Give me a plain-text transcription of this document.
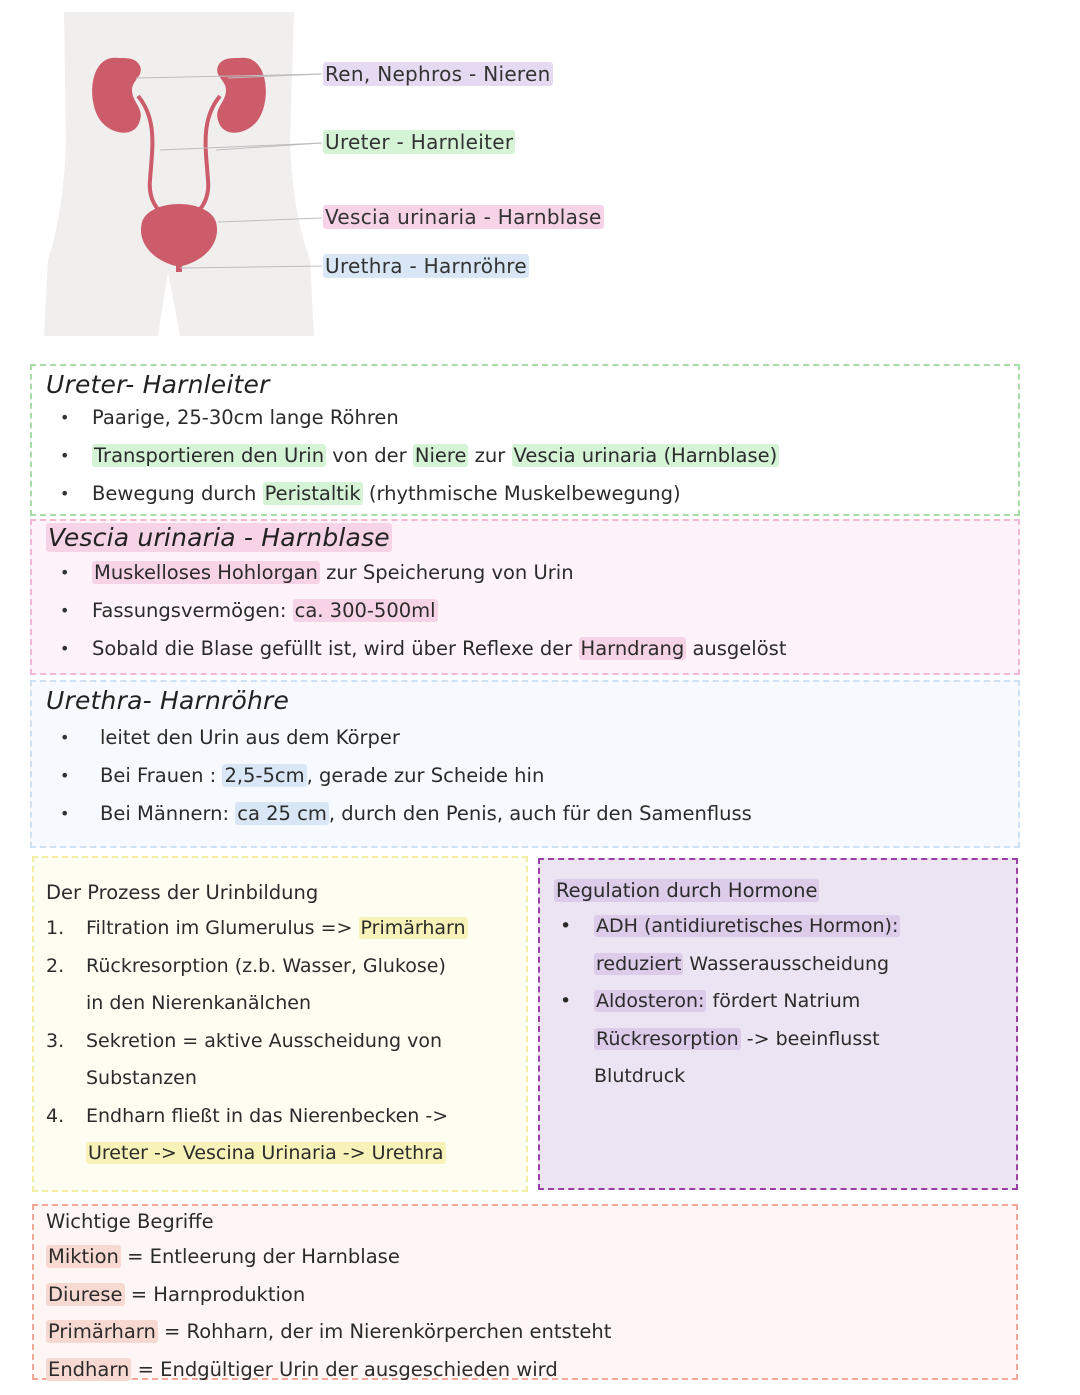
Ren, Nephros - Nieren
Ureter - Harnleiter
Vescia urinaria - Harnblase
Urethra - Harnröhre
Ureter- Harnleiter
• Paarige, 25-30cm lange Röhren
• Transportieren den Urin von der Niere zur Vescia urinaria (Harnblase)
• Bewegung durch Peristaltik (rhythmische Muskelbewegung)
Vescia urinaria - Harnblase
• Muskelloses Hohlorgan zur Speicherung von Urin
• Fassungsvermögen: ca. 300-500ml
• Sobald die Blase gefüllt ist, wird über Reflexe der Harndrang ausgelöst
Urethra- Harnröhre
• leitet den Urin aus dem Körper
• Bei Frauen : 2,5-5cm , gerade zur Scheide hin
• Bei Männern: ca 25 cm , durch den Penis, auch für den Samenfluss
Der Prozess der Urinbildung
1. Filtration im Glumerulus => Primärharn
2. Rückresorption (z.b. Wasser, Glukose)
in den Nierenkanälchen
3. Sekretion = aktive Ausscheidung von
Substanzen
4. Endharn fließt in das Nierenbecken ->
Ureter -> Vescina Urinaria -> Urethra
Regulation durch Hormone
• ADH (antidiuretisches Hormon):
reduziert Wasserausscheidung
• Aldosteron: fördert Natrium
Rückresorption -> beeinflusst
Blutdruck
Wichtige Begriffe
Miktion = Entleerung der Harnblase
Diurese = Harnproduktion
Primärharn = Rohharn, der im Nierenkörperchen entsteht
Endharn = Endgültiger Urin der ausgeschieden wird
